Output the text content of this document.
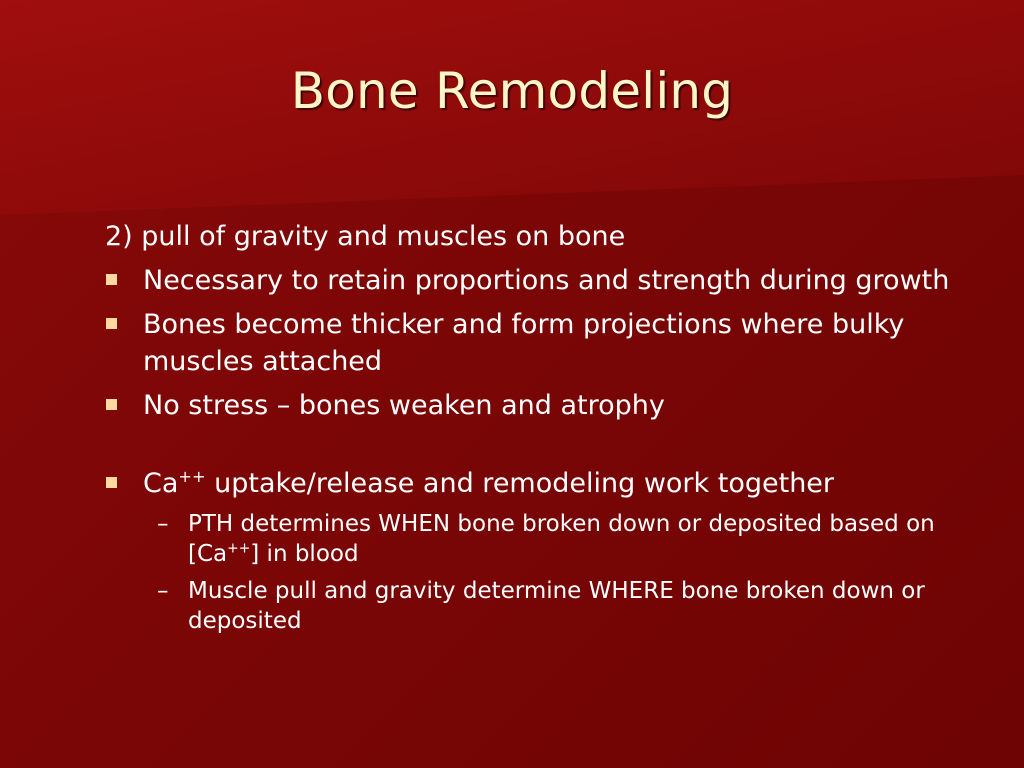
Bone Remodeling
2) pull of gravity and muscles on bone
Necessary to retain proportions and strength during growth
Bones become thicker and form projections where bulky muscles attached
No stress – bones weaken and atrophy
Ca++ uptake/release and remodeling work together
– PTH determines WHEN bone broken down or deposited based on [Ca++] in blood
– Muscle pull and gravity determine WHERE bone broken down or deposited
